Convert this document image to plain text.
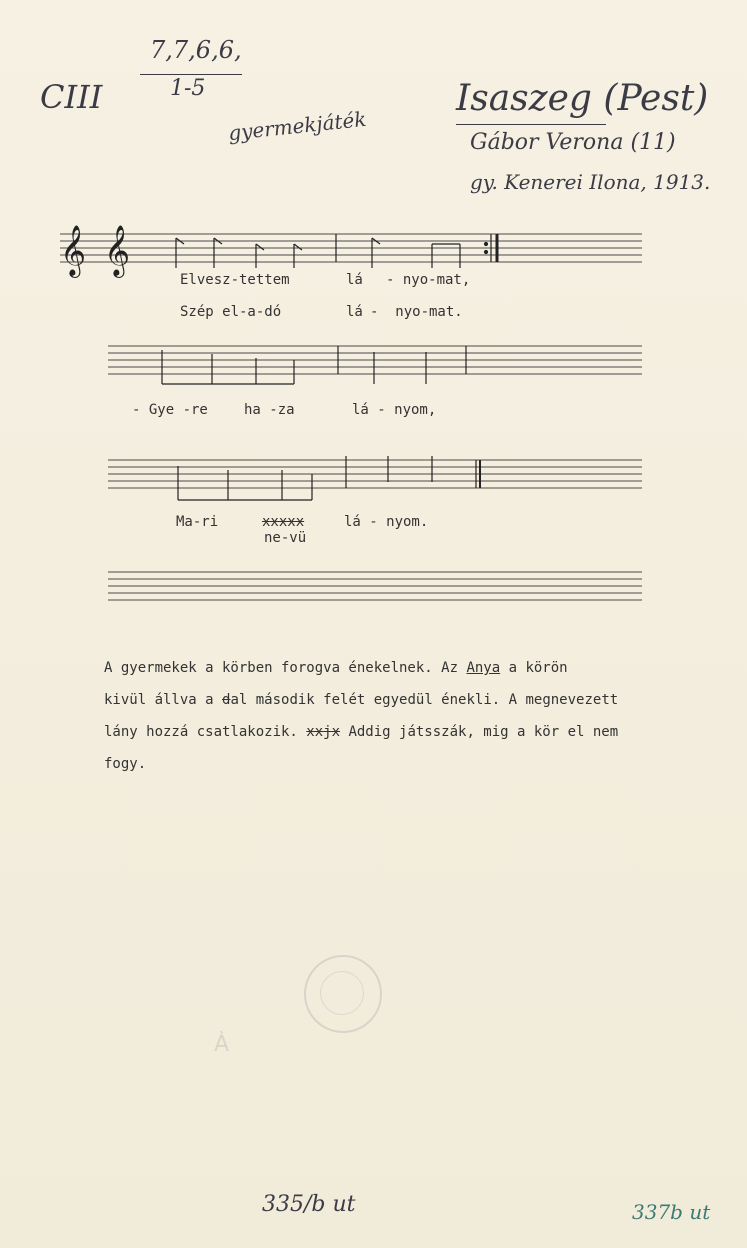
CIII
7,7,6,6,
1-5
gyermekjáték
Isaszeg (Pest)
Gábor Verona (11)
gy. Kenerei Ilona, 1913.
𝄞 𝄞
Elvesz-tettem	lá - nyo-mat,
Szép el-a-dó	lá -  nyo-mat.
- Gye -re	ha -za	lá - nyom,
Ma-ri	xxxxx	lá - nyom.
ne-vü

A gyermekek a körben forogva énekelnek. Az Anya a körön

kivül állva a dal második felét egyedül énekli. A megnevezett

lány hozzá csatlakozik. xxjx Addig játsszák, mig a kör el nem

fogy.

Á
335/b ut	337b ut
